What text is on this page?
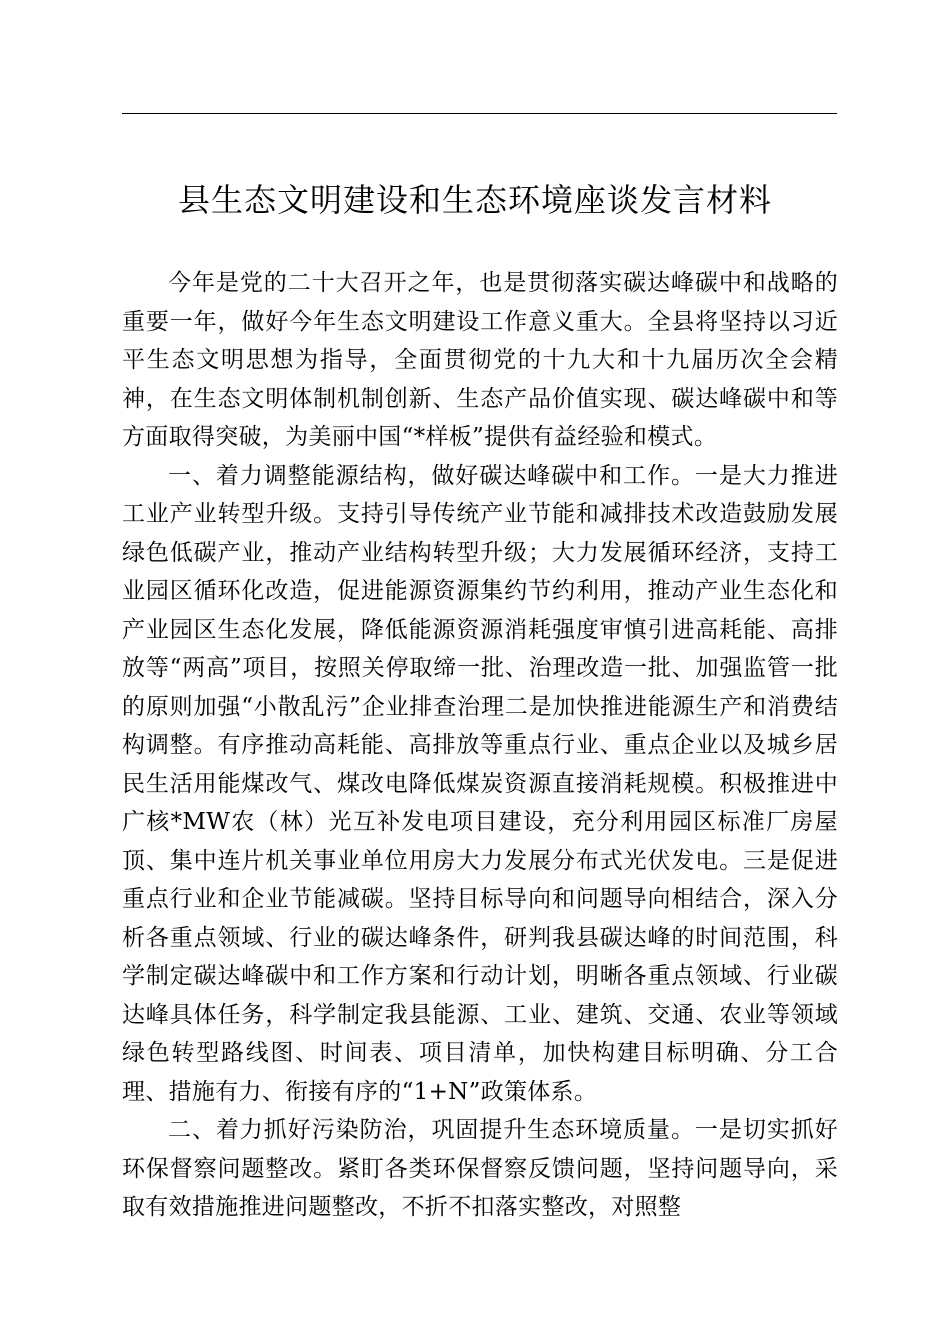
县生态文明建设和生态环境座谈发言材料

今年是党的二十大召开之年，也是贯彻落实碳达峰碳中和战略的重要一年，做好今年生态文明建设工作意义重大。全县将坚持以习近平生态文明思想为指导，全面贯彻党的十九大和十九届历次全会精神，在生态文明体制机制创新、生态产品价值实现、碳达峰碳中和等方面取得突破，为美丽中国“*样板”提供有益经验和模式。

一、着力调整能源结构，做好碳达峰碳中和工作。一是大力推进工业产业转型升级。支持引导传统产业节能和减排技术改造鼓励发展绿色低碳产业，推动产业结构转型升级；大力发展循环经济，支持工业园区循环化改造，促进能源资源集约节约利用，推动产业生态化和产业园区生态化发展，降低能源资源消耗强度审慎引进高耗能、高排放等“两高”项目，按照关停取缔一批、治理改造一批、加强监管一批的原则加强“小散乱污”企业排查治理二是加快推进能源生产和消费结构调整。有序推动高耗能、高排放等重点行业、重点企业以及城乡居民生活用能煤改气、煤改电降低煤炭资源直接消耗规模。积极推进中广核*MW农（林）光互补发电项目建设，充分利用园区标准厂房屋顶、集中连片机关事业单位用房大力发展分布式光伏发电。三是促进重点行业和企业节能减碳。坚持目标导向和问题导向相结合，深入分析各重点领域、行业的碳达峰条件，研判我县碳达峰的时间范围，科学制定碳达峰碳中和工作方案和行动计划，明晰各重点领域、行业碳达峰具体任务，科学制定我县能源、工业、建筑、交通、农业等领域绿色转型路线图、时间表、项目清单，加快构建目标明确、分工合理、措施有力、衔接有序的“1+N”政策体系。

二、着力抓好污染防治，巩固提升生态环境质量。一是切实抓好环保督察问题整改。紧盯各类环保督察反馈问题，坚持问题导向，采取有效措施推进问题整改，不折不扣落实整改，对照整
